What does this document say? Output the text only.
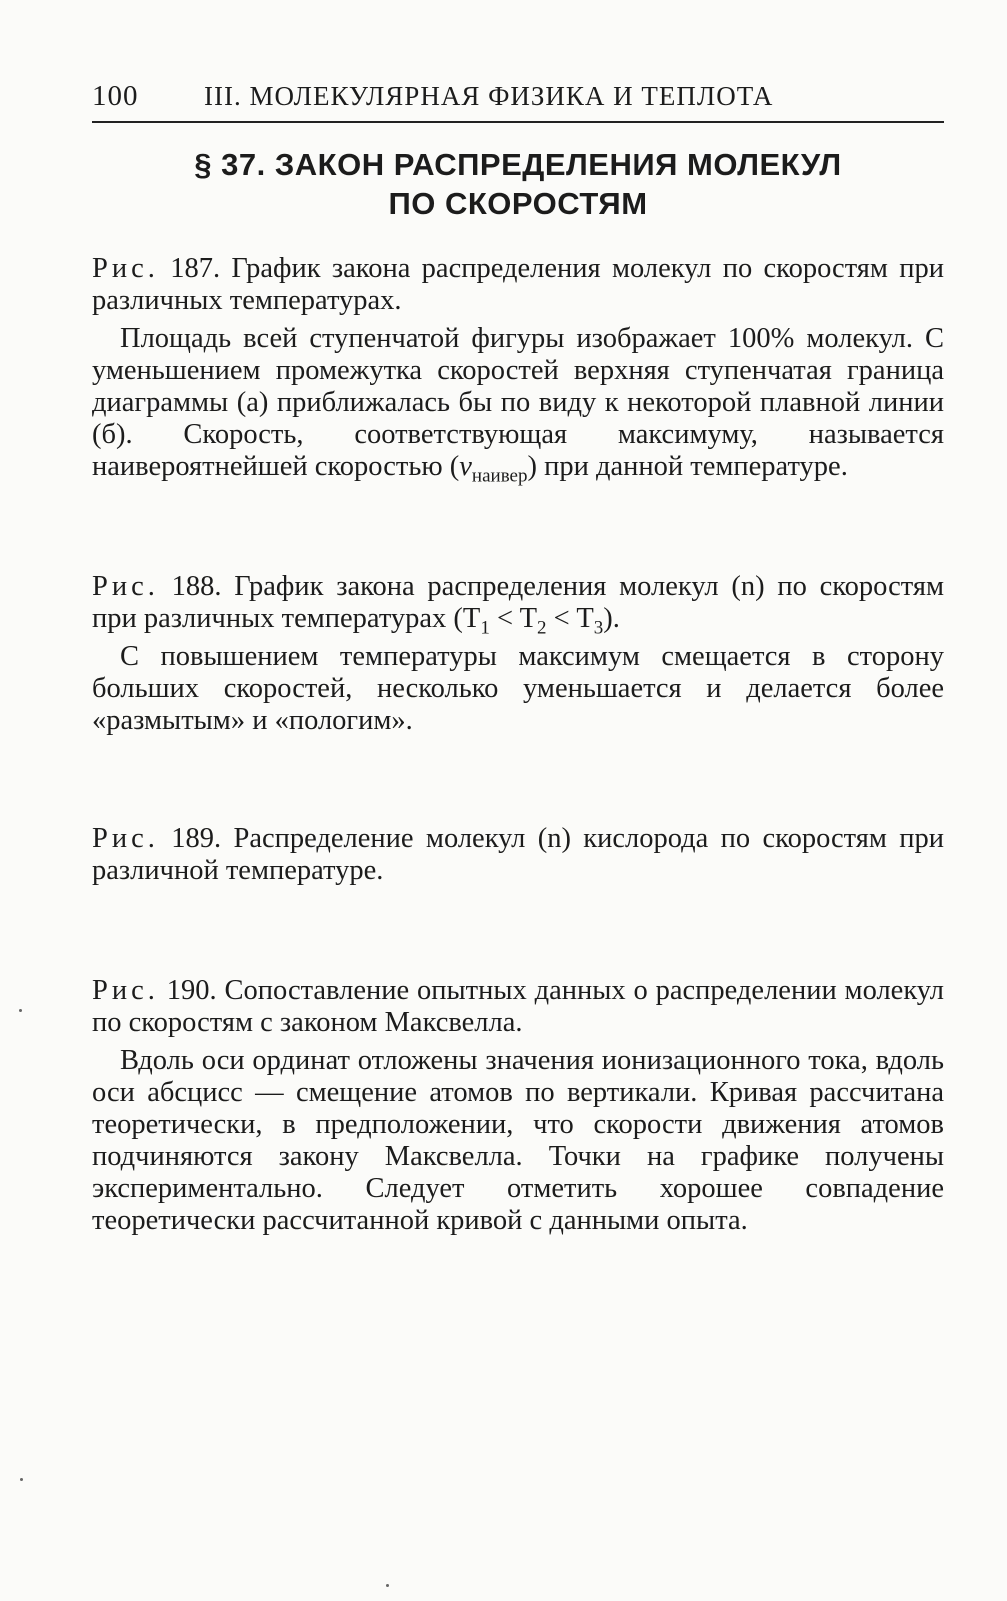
100	III. МОЛЕКУЛЯРНАЯ ФИЗИКА И ТЕПЛОТА
§ 37. ЗАКОН РАСПРЕДЕЛЕНИЯ МОЛЕКУЛ
ПО СКОРОСТЯМ

Рис. 187. График закона распределения молекул по скоростям при различных температурах.

Площадь всей ступенчатой фигуры изображает 100% молекул. С уменьшением промежутка скоростей верхняя ступенчатая граница диаграммы (а) приближалась бы по виду к некоторой плавной линии (б). Скорость, соответствующая максимуму, называется наивероятнейшей скоростью $(v_{наивер})$ при данной температуре.

Рис. 188. График закона распределения молекул (n) по скоростям при различных температурах $(T_1 < T_2 < T_3)$.

С повышением температуры максимум смещается в сторону больших скоростей, несколько уменьшается и делается более «размытым» и «пологим».

Рис. 189. Распределение молекул (n) кислорода по скоростям при различной температуре.

Рис. 190. Сопоставление опытных данных о распределении молекул по скоростям с законом Максвелла.

Вдоль оси ординат отложены значения ионизационного тока, вдоль оси абсцисс — смещение атомов по вертикали. Кривая рассчитана теоретически, в предположении, что скорости движения атомов подчиняются закону Максвелла. Точки на графике получены экспериментально. Следует отметить хорошее совпадение теоретически рассчитанной кривой с данными опыта.
